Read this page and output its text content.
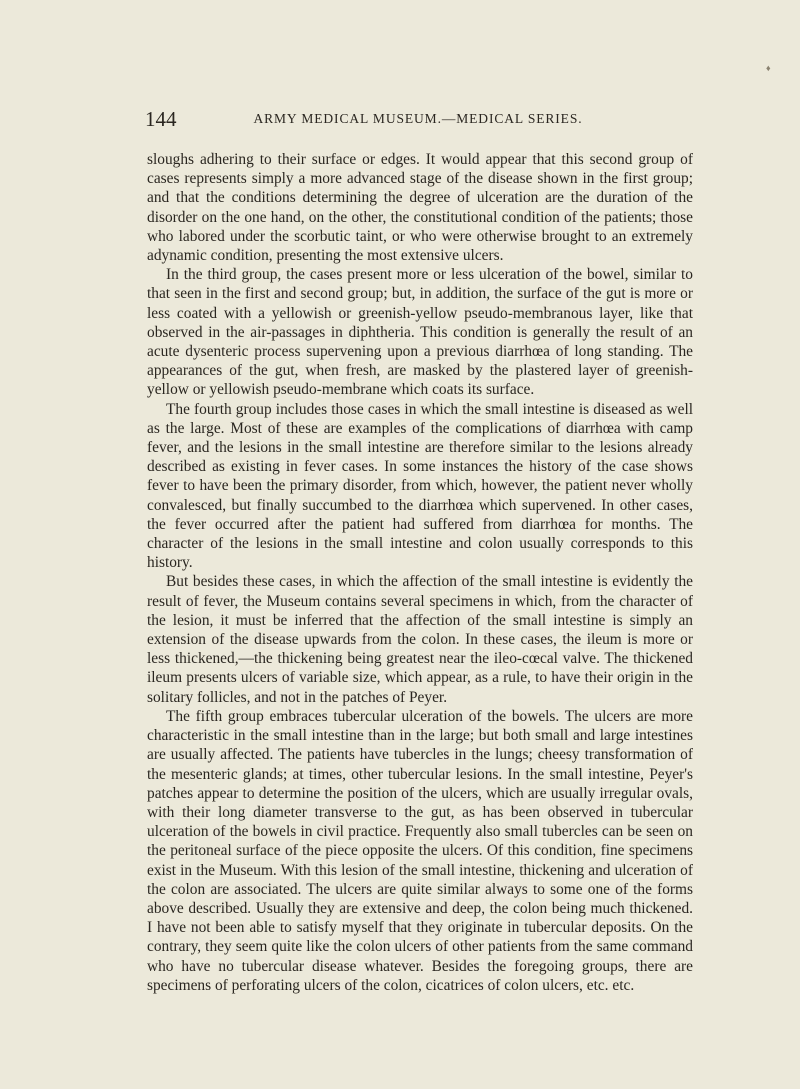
♦
144	ARMY MEDICAL MUSEUM.—MEDICAL SERIES.

sloughs adhering to their surface or edges. It would appear that this second group of cases represents simply a more advanced stage of the disease shown in the first group; and that the conditions determining the degree of ulceration are the duration of the disorder on the one hand, on the other, the constitutional condition of the patients; those who labored under the scorbutic taint, or who were otherwise brought to an extremely adynamic condition, presenting the most extensive ulcers.

In the third group, the cases present more or less ulceration of the bowel, similar to that seen in the first and second group; but, in addition, the surface of the gut is more or less coated with a yellowish or greenish-yellow pseudo-membranous layer, like that observed in the air-passages in diphtheria. This condition is generally the result of an acute dysenteric process supervening upon a previous diarrhœa of long standing. The appearances of the gut, when fresh, are masked by the plastered layer of greenish-yellow or yellowish pseudo-membrane which coats its surface.

The fourth group includes those cases in which the small intestine is diseased as well as the large. Most of these are examples of the complications of diarrhœa with camp fever, and the lesions in the small intestine are therefore similar to the lesions already described as existing in fever cases. In some instances the history of the case shows fever to have been the primary disorder, from which, however, the patient never wholly convalesced, but finally succumbed to the diarrhœa which supervened. In other cases, the fever occurred after the patient had suffered from diarrhœa for months. The character of the lesions in the small intestine and colon usually corresponds to this history.

But besides these cases, in which the affection of the small intestine is evidently the result of fever, the Museum contains several specimens in which, from the character of the lesion, it must be inferred that the affection of the small intestine is simply an extension of the disease upwards from the colon. In these cases, the ileum is more or less thickened,—the thickening being greatest near the ileo-cœcal valve. The thickened ileum presents ulcers of variable size, which appear, as a rule, to have their origin in the solitary follicles, and not in the patches of Peyer.

The fifth group embraces tubercular ulceration of the bowels. The ulcers are more characteristic in the small intestine than in the large; but both small and large intestines are usually affected. The patients have tubercles in the lungs; cheesy transformation of the mesenteric glands; at times, other tubercular lesions. In the small intestine, Peyer's patches appear to determine the position of the ulcers, which are usually irregular ovals, with their long diameter transverse to the gut, as has been observed in tubercular ulceration of the bowels in civil practice. Frequently also small tubercles can be seen on the peritoneal surface of the piece opposite the ulcers. Of this condition, fine specimens exist in the Museum. With this lesion of the small intestine, thickening and ulceration of the colon are associated. The ulcers are quite similar always to some one of the forms above described. Usually they are extensive and deep, the colon being much thickened. I have not been able to satisfy myself that they originate in tubercular deposits. On the contrary, they seem quite like the colon ulcers of other patients from the same command who have no tubercular disease whatever. Besides the foregoing groups, there are specimens of perforating ulcers of the colon, cicatrices of colon ulcers, etc. etc.
